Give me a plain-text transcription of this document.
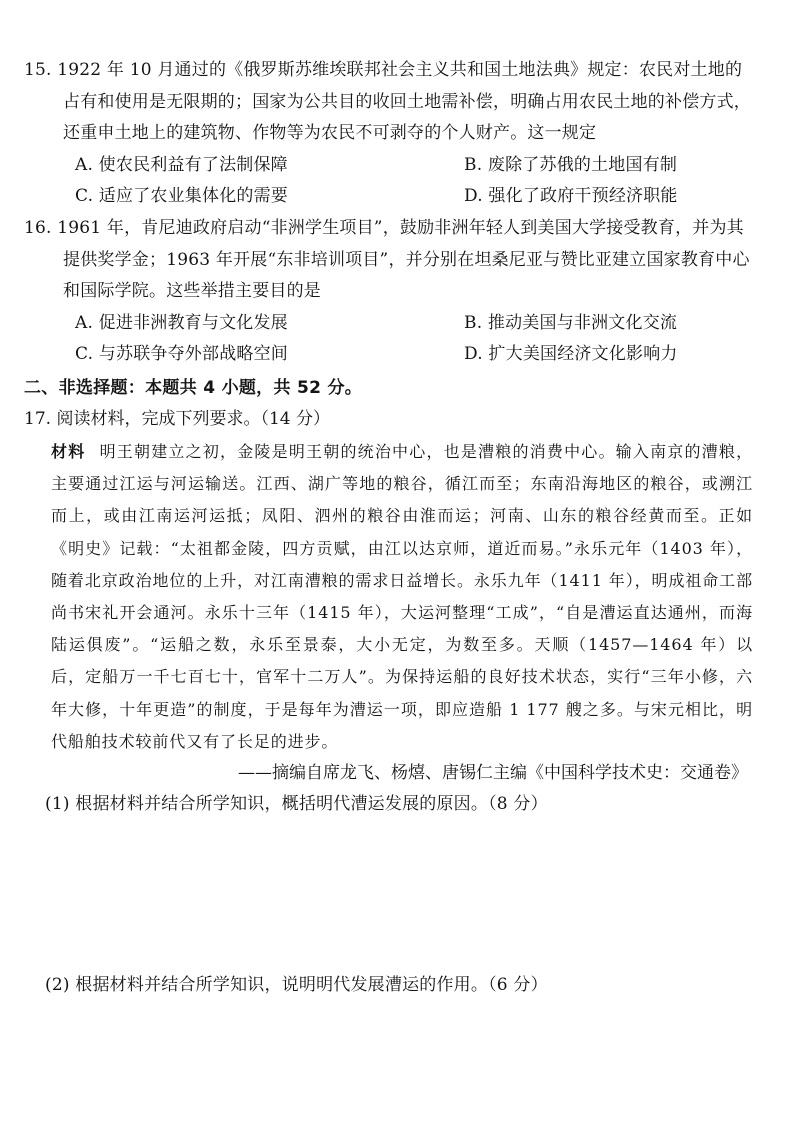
15. 1922 年 10 月通过的《俄罗斯苏维埃联邦社会主义共和国土地法典》规定：农民对土地的占有和使用是无限期的；国家为公共目的收回土地需补偿，明确占用农民土地的补偿方式，还重申土地上的建筑物、作物等为农民不可剥夺的个人财产。这一规定

A. 使农民利益有了法制保障	B. 废除了苏俄的土地国有制
C. 适应了农业集体化的需要	D. 强化了政府干预经济职能

16. 1961 年，肯尼迪政府启动“非洲学生项目”，鼓励非洲年轻人到美国大学接受教育，并为其提供奖学金；1963 年开展“东非培训项目”，并分别在坦桑尼亚与赞比亚建立国家教育中心和国际学院。这些举措主要目的是

A. 促进非洲教育与文化发展	B. 推动美国与非洲文化交流
C. 与苏联争夺外部战略空间	D. 扩大美国经济文化影响力
二、非选择题：本题共 4 小题，共 52 分。
17. 阅读材料，完成下列要求。（14 分）
材料 明王朝建立之初，金陵是明王朝的统治中心，也是漕粮的消费中心。输入南京的漕粮，主要通过江运与河运输送。江西、湖广等地的粮谷，循江而至；东南沿海地区的粮谷，或溯江而上，或由江南运河运抵；凤阳、泗州的粮谷由淮而运；河南、山东的粮谷经黄而至。正如《明史》记载：“太祖都金陵，四方贡赋，由江以达京师，道近而易。”永乐元年（1403 年），随着北京政治地位的上升，对江南漕粮的需求日益增长。永乐九年（1411 年），明成祖命工部尚书宋礼开会通河。永乐十三年（1415 年），大运河整理“工成”，“自是漕运直达通州，而海陆运俱废”。“运船之数，永乐至景泰，大小无定，为数至多。天顺（1457—1464 年）以后，定船万一千七百七十，官军十二万人”。为保持运船的良好技术状态，实行“三年小修，六年大修，十年更造”的制度，于是每年为漕运一项，即应造船 1 177 艘之多。与宋元相比，明代船舶技术较前代又有了长足的进步。
——摘编自席龙飞、杨熺、唐锡仁主编《中国科学技术史：交通卷》
(1) 根据材料并结合所学知识，概括明代漕运发展的原因。（8 分）
(2) 根据材料并结合所学知识，说明明代发展漕运的作用。（6 分）
